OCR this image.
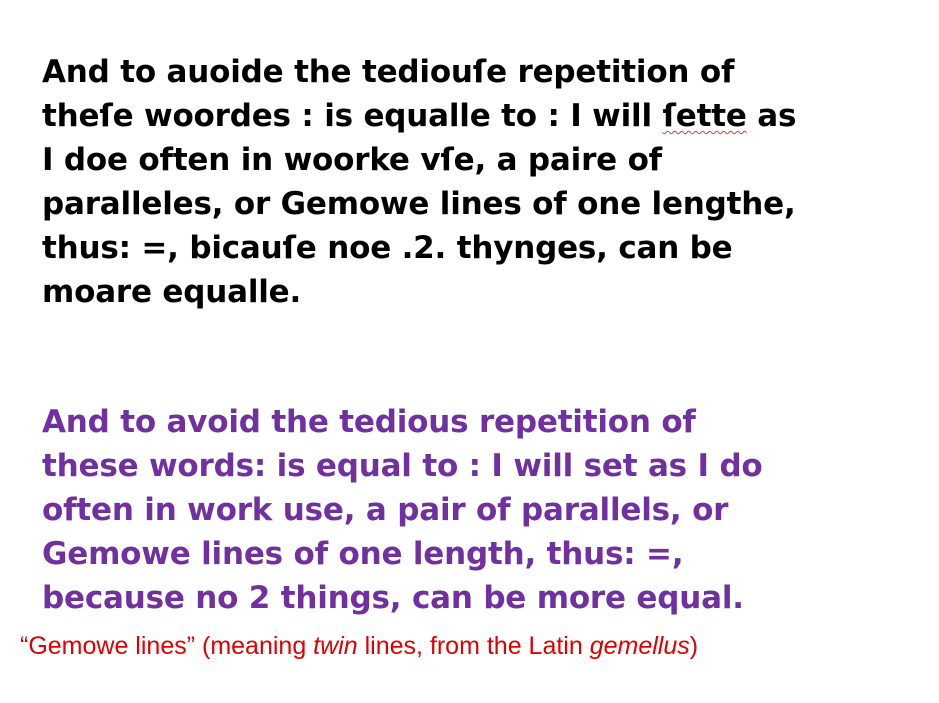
And to auoide the tediouſe repetition of
theſe woordes : is equalle to : I will ſette as
I doe often in woorke vſe, a paire of
paralleles, or Gemowe lines of one lengthe,
thus: =, bicauſe noe .2. thynges, can be
moare equalle.
And to avoid the tedious repetition of
these words: is equal to : I will set as I do
often in work use, a pair of parallels, or
Gemowe lines of one length, thus: =,
because no 2 things, can be more equal.
“Gemowe lines” (meaning twin lines, from the Latin gemellus)
